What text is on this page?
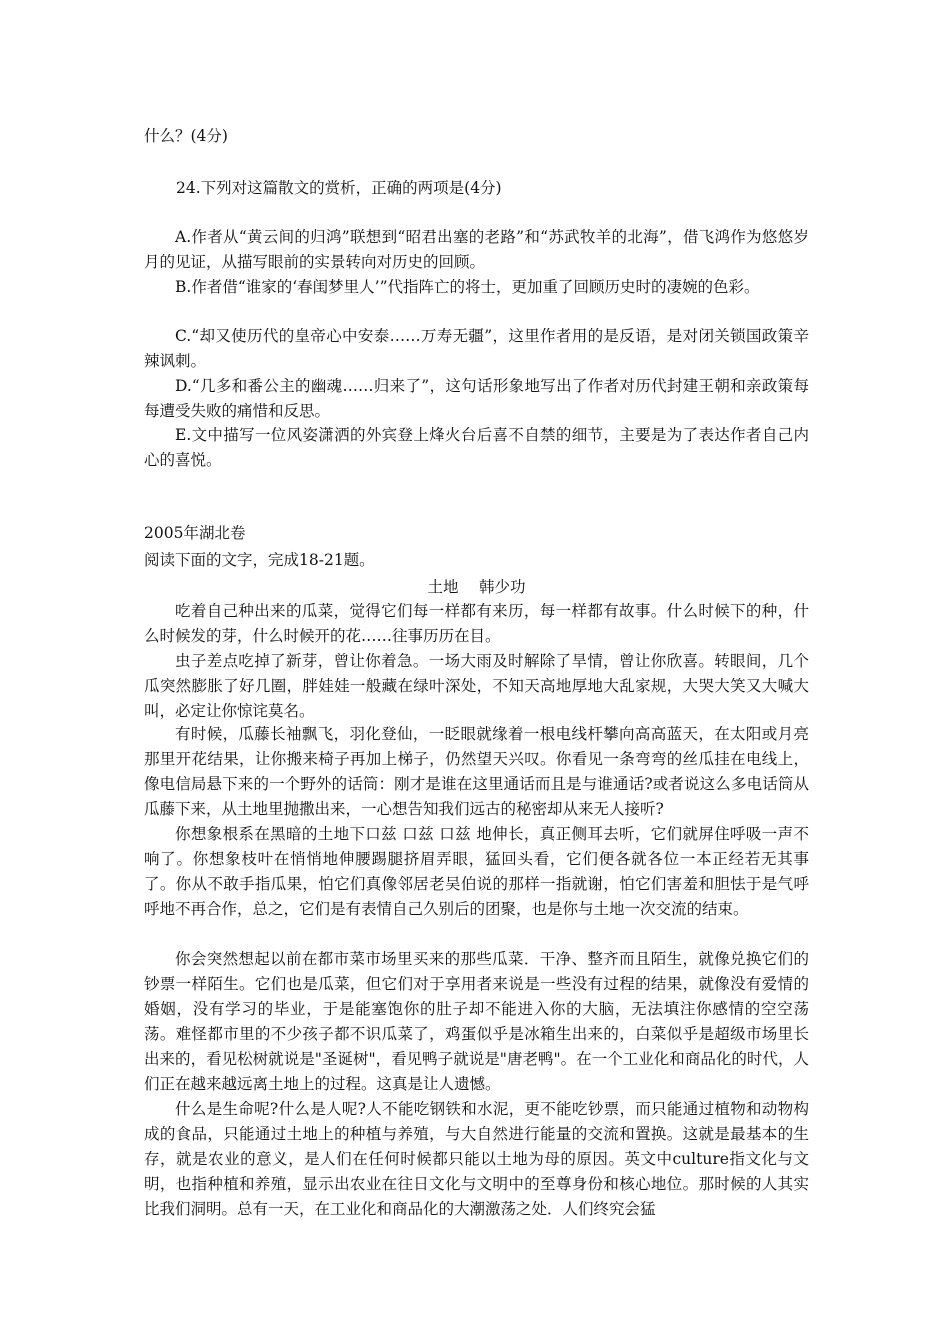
什么？(4分)
24.下列对这篇散文的赏析，正确的两项是(4分)
A.作者从“黄云间的归鸿”联想到“昭君出塞的老路”和“苏武牧羊的北海”，借飞鸿作为悠悠岁月的见证，从描写眼前的实景转向对历史的回顾。
B.作者借“谁家的‘春闺梦里人’”代指阵亡的将士，更加重了回顾历史时的凄婉的色彩。
C.“却又使历代的皇帝心中安泰……万寿无疆”，这里作者用的是反语，是对闭关锁国政策辛辣讽刺。
D.“几多和番公主的幽魂……归来了”，这句话形象地写出了作者对历代封建王朝和亲政策每每遭受失败的痛惜和反思。
E.文中描写一位风姿潇洒的外宾登上烽火台后喜不自禁的细节，主要是为了表达作者自己内心的喜悦。
2005年湖北卷
阅读下面的文字，完成18-21题。
土地　 韩少功
吃着自己种出来的瓜菜，觉得它们每一样都有来历，每一样都有故事。什么时候下的种，什么时候发的芽，什么时候开的花……往事历历在目。
虫子差点吃掉了新芽，曾让你着急。一场大雨及时解除了旱情，曾让你欣喜。转眼间，几个瓜突然膨胀了好几圈，胖娃娃一般藏在绿叶深处，不知天高地厚地大乱家规，大哭大笑又大喊大叫，必定让你惊诧莫名。
有时候，瓜藤长袖飘飞，羽化登仙，一眨眼就缘着一根电线杆攀向高高蓝天，在太阳或月亮那里开花结果，让你搬来椅子再加上梯子，仍然望天兴叹。你看见一条弯弯的丝瓜挂在电线上，像电信局悬下来的一个野外的话筒：刚才是谁在这里通话而且是与谁通话?或者说这么多电话筒从瓜藤下来，从土地里抛撒出来，一心想告知我们远古的秘密却从来无人接听?
你想象根系在黑暗的土地下口兹 口兹 口兹 地伸长，真正侧耳去听，它们就屏住呼吸一声不响了。你想象枝叶在悄悄地伸腰踢腿挤眉弄眼，猛回头看，它们便各就各位一本正经若无其事了。你从不敢手指瓜果，怕它们真像邻居老吴伯说的那样一指就谢，怕它们害羞和胆怯于是气呼呼地不再合作，总之，它们是有表情自己久别后的团聚，也是你与土地一次交流的结束。
你会突然想起以前在都市菜市场里买来的那些瓜菜．干净、整齐而且陌生，就像兑换它们的钞票一样陌生。它们也是瓜菜，但它们对于享用者来说是一些没有过程的结果，就像没有爱情的婚姻，没有学习的毕业，于是能塞饱你的肚子却不能进入你的大脑，无法填注你感情的空空荡荡。难怪都市里的不少孩子都不识瓜菜了，鸡蛋似乎是冰箱生出来的，白菜似乎是超级市场里长出来的，看见松树就说是"圣诞树"，看见鸭子就说是"唐老鸭"。在一个工业化和商品化的时代，人们正在越来越远离土地上的过程。这真是让人遗憾。
什么是生命呢?什么是人呢?人不能吃钢铁和水泥，更不能吃钞票，而只能通过植物和动物构成的食品，只能通过土地上的种植与养殖，与大自然进行能量的交流和置换。这就是最基本的生存，就是农业的意义，是人们在任何时候都只能以土地为母的原因。英文中culture指文化与文明，也指种植和养殖，显示出农业在往日文化与文明中的至尊身份和核心地位。那时候的人其实比我们洞明。总有一天，在工业化和商品化的大潮激荡之处．人们终究会猛
